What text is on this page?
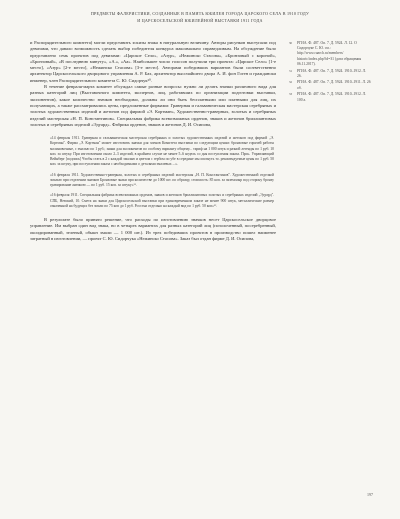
ПРЕДМЕТЫ ФАЛЕРИСТИКИ, СОЗДАННЫЕ В ПАМЯТЬ ЮБИЛЕЯ ГОРОДА ЦАРСКОГО СЕЛА В 1910 ГОДУ
И ЦАРСКОСЕЛЬСКОЙ ЮБИЛЕЙНОЙ ВЫСТАВКИ 1911 ГОДА

и Распорядительного комитета) могли представить эскизы знака в натуральную величину. Авторы рисунков выступали под девизами, что давало возможность сделать выбор победителя конкурса максимально справедливым. На обсуждение было представлено семь проектов под девизами: «Царское Село», «Азур», «Нежинско Стасова», «Бронзовый с короной», «Бронзовый», «В последнюю минуту», «А.», «Аа». Наибольшее число голосов получили три проекта: «Царское Село» [1-е место], «Азур» [2-е место], «Нежинско Стасова» [3-е место]. Авторами победивших вариантов были соответственно архитектор Царскосельского дворцового управления А. Р. Бах, архитектор высочайшего двора А. И. фон Гоген и граждански инженер, член Распорядительного комитета С. Ю. Сидорчук³⁰.

В течение февраля-марта комитет обсуждал самые разные вопросы: нужно ли делать значки различного вида для разных категорий лиц (Выставочного комитета, экспертов, лиц, работавших по организации подготовки выставки, экспонентов), какое количество значков необходимо, должны ли они быть бесплатными или платными для лиц, их получающих, а также рассматривались цены, предложенные фирмами: Граверная и гальваническая мастерская серебряных и золотых художественных изделий и жетонов под фирмой «Э. Кортман», Художественно-граверных, золотых и серебряных изделий мастерская «Н. П. Константинов». Специальная фабрика всевозможных орденов, знаков и жетонов бриллиантовых золотых и серебряных изделий «Эдуард». Фабрика орденов, знаков и жетонов Д. И. Осипова,

«14 февраля 1911. Граверная и гальваническая мастерская серебряных и золотых художественных изделий и жетонов под фирмой „Э. Кортман". Фирма „Э. Кортман" может изготовить значки для членов Комитета выставки по следующим ценам: бронзовые горячей работы малиновочные, с эмалью по 1 руб.; знаки для экспонентов по особому варианту общему... тариф на 1 000 штук и разной легенды по 1 руб. 10 коп. за штуку. При изготовлении около 2–3 изделий, в крайнем случае не менее 5–6 недель со дня поступления заказа. При». Управляющий Вейнберг [подпись] Чтобы стать в 2 с каждой эмалью и цветом с гербом по убе в середине мы изогнуть то. рекомендуемые цены по 1 руб. 50 коп. за штуку, при поступлении заказа с необходимыми о деталями эмалевых ...».

«16 февраля 1911. Художественно-граверная, золотых и серебряных изделий мастерская „Н. П. Константинов". Художественной отделкой эмалью при отделении значков Бронзовые знаки при количестве до 1000 шт. по образцу, стоимость: 85 коп. за экземпляр под сторону бронзу гравирование антикою — по 1 руб. 15 коп. за штуку»³¹.

«16 февраля 1911. Специальная фабрика всевозможных орденов, знаков и жетонов бриллиантовых золотых и серебряных изделий „Эдуард". СПБ, Невский, 10. Смета на знаки для Царскосельской выставки при единовременном заказе не менее 900 штук, металлические размер означенной на будущих без эмали по 75 коп до 1 руб. Росстна отдельно на каждый вид по 1 руб. 50 коп»³².

В результате было принято решение, что расходы по изготовлению значков несет Царскосельское дворцовое управление. Им выбран один вид знака, но в четырех вариантах для разных категорий лиц (позолоченный, посеребренный, оксидированный, зеленый, обыкн эмали — 1 000 шт.). Из трех победивших проектов в производство пошел наименее затратный в изготовлении, — проект С. Ю. Сидорчука «Нежинско Стасова». Заказ был отдан фирме Д. И. Осипова,

30	РГИА. Ф. 487. Оп. 7. Д. 5924. Л. 12. О Сидорчуке С. Ю. см.: http://www.ruarch.ru/members/ historic/index.php?id=31 (дата обращения 06.11.2017).
31	РГИА. Ф. 487. Оп. 7. Д. 5924. 1910–1912. Л. 26.
32	РГИА. Ф. 487. Оп. 7. Д. 5924. 1910–1911. Л. 26 об.
33	РГИА. Ф. 487. Оп. 7. Д. 5924. 1910–1912. Л. 100 а.
197
